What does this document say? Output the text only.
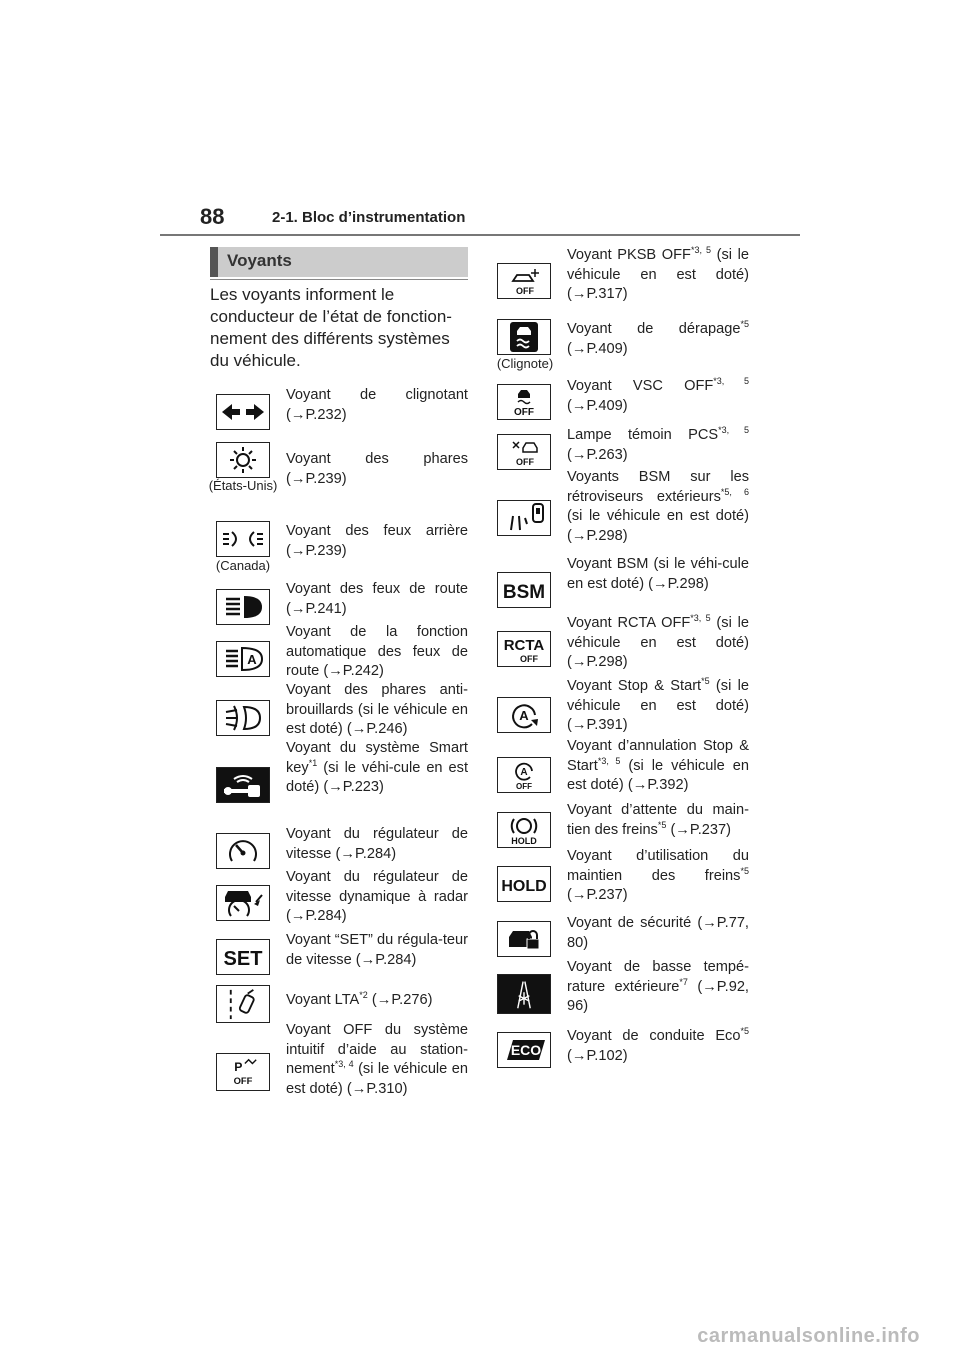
88	2-1. Bloc d’instrumentation
Voyants
Les voyants informent le conducteur de l’état de fonction-nement des différents systèmes du véhicule.
Voyant de clignotant (→P.232)
(États-Unis)
Voyant des phares (→P.239)
(Canada)
Voyant des feux arrière (→P.239)
Voyant des feux de route (→P.241)
A
Voyant de la fonction automatique des feux de route (→P.242)
Voyant des phares anti-brouillards (si le véhicule en est doté) (→P.246)
Voyant du système Smart key$^{*1}$ (si le véhi-cule en est doté) (→P.223)
Voyant du régulateur de vitesse (→P.284)
Voyant du régulateur de vitesse dynamique à radar (→P.284)
SET
Voyant “SET” du régula-teur de vitesse (→P.284)
Voyant LTA$^{*2}$ (→P.276)
P
OFF
Voyant OFF du système intuitif d’aide au station-nement$^{*3, 4}$ (si le véhicule en est doté) (→P.310)
OFF
Voyant PKSB OFF$^{*3, 5}$ (si le véhicule en est doté) (→P.317)
(Clignote)
Voyant de dérapage$^{*5}$ (→P.409)
OFF
Voyant VSC OFF$^{*3, 5}$ (→P.409)
OFF
Lampe témoin PCS$^{*3, 5}$ (→P.263)
Voyants BSM sur les rétroviseurs extérieurs$^{*5, 6}$ (si le véhicule en est doté) (→P.298)
BSM
Voyant BSM (si le véhi-cule en est doté) (→P.298)
RCTA
OFF
Voyant RCTA OFF$^{*3, 5}$ (si le véhicule en est doté) (→P.298)
A
Voyant Stop & Start$^{*5}$ (si le véhicule en est doté) (→P.391)
A
OFF
Voyant d’annulation Stop & Start$^{*3, 5}$ (si le véhicule en est doté) (→P.392)
HOLD
Voyant d’attente du main-tien des freins$^{*5}$ (→P.237)
HOLD
Voyant d’utilisation du maintien des freins$^{*5}$ (→P.237)
Voyant de sécurité (→P.77, 80)
Voyant de basse tempé-rature extérieure$^{*7}$ (→P.92, 96)
ECO
Voyant de conduite Eco$^{*5}$ (→P.102)
carmanualsonline.info
